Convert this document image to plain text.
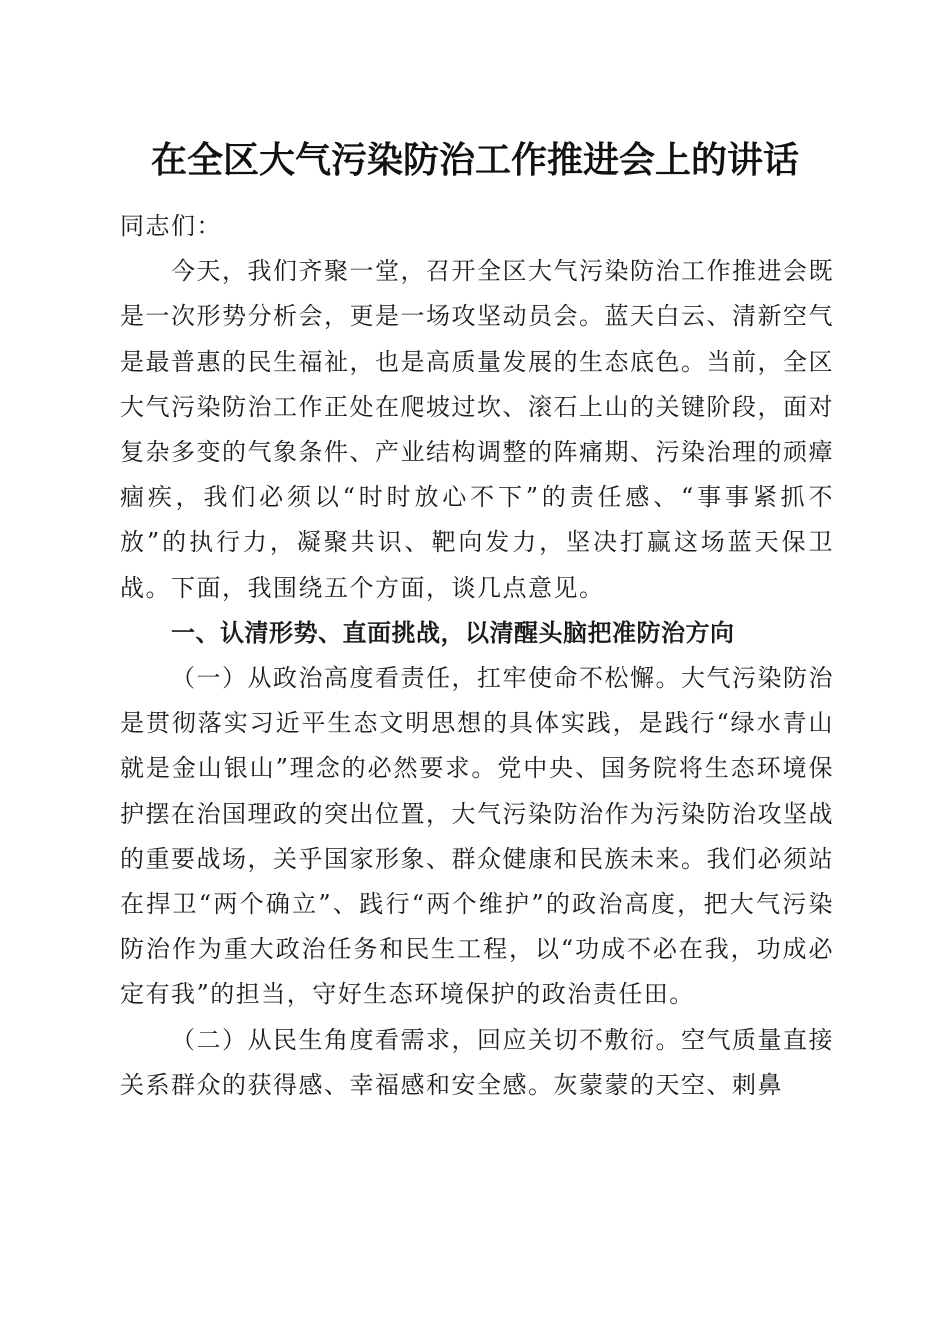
在全区大气污染防治工作推进会上的讲话

同志们：

今天，我们齐聚一堂，召开全区大气污染防治工作推进会既是一次形势分析会，更是一场攻坚动员会。蓝天白云、清新空气是最普惠的民生福祉，也是高质量发展的生态底色。当前，全区大气污染防治工作正处在爬坡过坎、滚石上山的关键阶段，面对复杂多变的气象条件、产业结构调整的阵痛期、污染治理的顽瘴痼疾，我们必须以“时时放心不下”的责任感、“事事紧抓不放”的执行力，凝聚共识、靶向发力，坚决打赢这场蓝天保卫战。下面，我围绕五个方面，谈几点意见。

一、认清形势、直面挑战，以清醒头脑把准防治方向

（一）从政治高度看责任，扛牢使命不松懈。大气污染防治是贯彻落实习近平生态文明思想的具体实践，是践行“绿水青山就是金山银山”理念的必然要求。党中央、国务院将生态环境保护摆在治国理政的突出位置，大气污染防治作为污染防治攻坚战的重要战场，关乎国家形象、群众健康和民族未来。我们必须站在捍卫“两个确立”、践行“两个维护”的政治高度，把大气污染防治作为重大政治任务和民生工程，以“功成不必在我，功成必定有我”的担当，守好生态环境保护的政治责任田。

（二）从民生角度看需求，回应关切不敷衍。空气质量直接关系群众的获得感、幸福感和安全感。灰蒙蒙的天空、刺鼻
